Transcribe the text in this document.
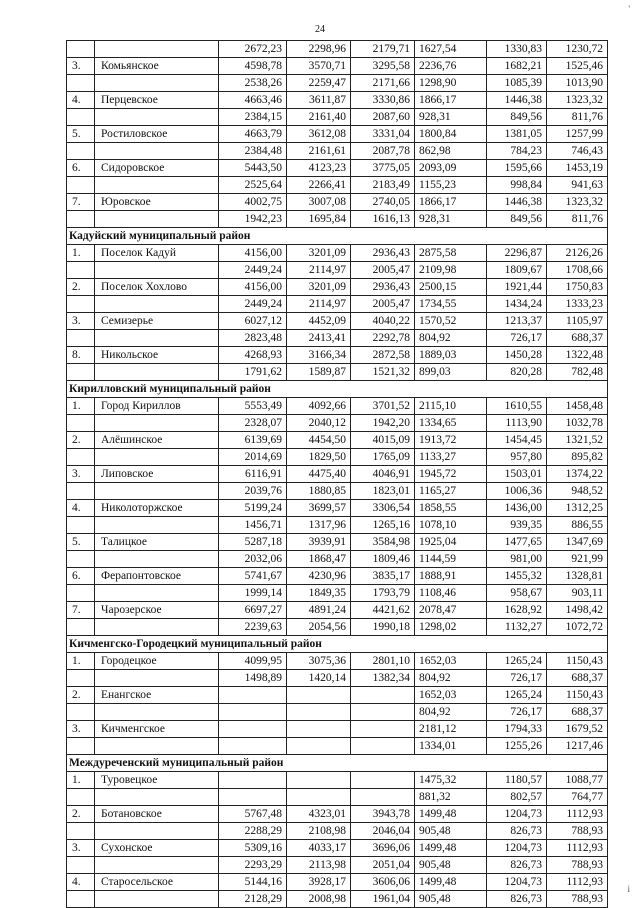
24
'
i
		2672,23	2298,96	2179,71	1627,54	1330,83	1230,72
3.	Комьянское	4598,78	3570,71	3295,58	2236,76	1682,21	1525,46
		2538,26	2259,47	2171,66	1298,90	1085,39	1013,90
4.	Перцевское	4663,46	3611,87	3330,86	1866,17	1446,38	1323,32
		2384,15	2161,40	2087,60	928,31	849,56	811,76
5.	Ростиловское	4663,79	3612,08	3331,04	1800,84	1381,05	1257,99
		2384,48	2161,61	2087,78	862,98	784,23	746,43
6.	Сидоровское	5443,50	4123,23	3775,05	2093,09	1595,66	1453,19
		2525,64	2266,41	2183,49	1155,23	998,84	941,63
7.	Юровское	4002,75	3007,08	2740,05	1866,17	1446,38	1323,32
		1942,23	1695,84	1616,13	928,31	849,56	811,76
Кадуйский муниципальный район							
1.	Поселок Кадуй	4156,00	3201,09	2936,43	2875,58	2296,87	2126,26
		2449,24	2114,97	2005,47	2109,98	1809,67	1708,66
2.	Поселок Хохлово	4156,00	3201,09	2936,43	2500,15	1921,44	1750,83
		2449,24	2114,97	2005,47	1734,55	1434,24	1333,23
3.	Семизерье	6027,12	4452,09	4040,22	1570,52	1213,37	1105,97
		2823,48	2413,41	2292,78	804,92	726,17	688,37
8.	Никольское	4268,93	3166,34	2872,58	1889,03	1450,28	1322,48
		1791,62	1589,87	1521,32	899,03	820,28	782,48
Кирилловский муниципальный район							
1.	Город Кириллов	5553,49	4092,66	3701,52	2115,10	1610,55	1458,48
		2328,07	2040,12	1942,20	1334,65	1113,90	1032,78
2.	Алёшинское	6139,69	4454,50	4015,09	1913,72	1454,45	1321,52
		2014,69	1829,50	1765,09	1133,27	957,80	895,82
3.	Липовское	6116,91	4475,40	4046,91	1945,72	1503,01	1374,22
		2039,76	1880,85	1823,01	1165,27	1006,36	948,52
4.	Николоторжское	5199,24	3699,57	3306,54	1858,55	1436,00	1312,25
		1456,71	1317,96	1265,16	1078,10	939,35	886,55
5.	Талицкое	5287,18	3939,91	3584,98	1925,04	1477,65	1347,69
		2032,06	1868,47	1809,46	1144,59	981,00	921,99
6.	Ферапонтовское	5741,67	4230,96	3835,17	1888,91	1455,32	1328,81
		1999,14	1849,35	1793,79	1108,46	958,67	903,11
7.	Чарозерское	6697,27	4891,24	4421,62	2078,47	1628,92	1498,42
		2239,63	2054,56	1990,18	1298,02	1132,27	1072,72
Кичменгско-Городецкий муниципальный район							
1.	Городецкое	4099,95	3075,36	2801,10	1652,03	1265,24	1150,43
		1498,89	1420,14	1382,34	804,92	726,17	688,37
2.	Енангское				1652,03	1265,24	1150,43
					804,92	726,17	688,37
3.	Кичменгское				2181,12	1794,33	1679,52
					1334,01	1255,26	1217,46
Междуреченский муниципальный район							
1.	Туровецкое				1475,32	1180,57	1088,77
					881,32	802,57	764,77
2.	Ботановское	5767,48	4323,01	3943,78	1499,48	1204,73	1112,93
		2288,29	2108,98	2046,04	905,48	826,73	788,93
3.	Сухонское	5309,16	4033,17	3696,06	1499,48	1204,73	1112,93
		2293,29	2113,98	2051,04	905,48	826,73	788,93
4.	Старосельское	5144,16	3928,17	3606,06	1499,48	1204,73	1112,93
		2128,29	2008,98	1961,04	905,48	826,73	788,93
